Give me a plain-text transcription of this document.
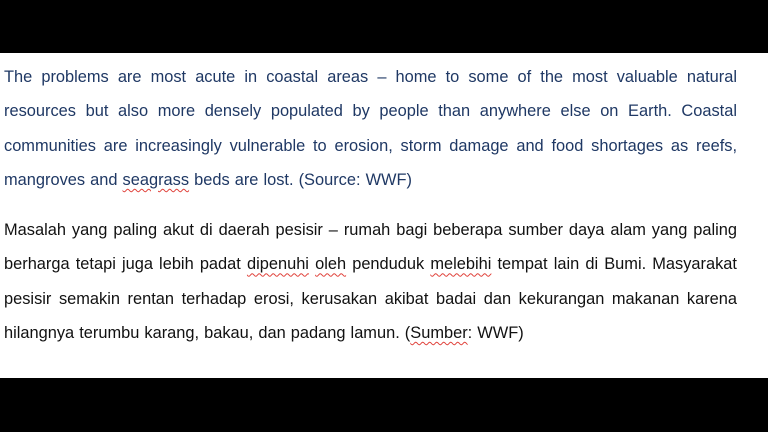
The problems are most acute in coastal areas – home to some of the most valuable natural resources but also more densely populated by people than anywhere else on Earth. Coastal communities are increasingly vulnerable to erosion, storm damage and food shortages as reefs, mangroves and seagrass beds are lost. (Source: WWF)

Masalah yang paling akut di daerah pesisir – rumah bagi beberapa sumber daya alam yang paling berharga tetapi juga lebih padat dipenuhi oleh penduduk melebihi tempat lain di Bumi. Masyarakat pesisir semakin rentan terhadap erosi, kerusakan akibat badai dan kekurangan makanan karena hilangnya terumbu karang, bakau, dan padang lamun. (Sumber: WWF)
